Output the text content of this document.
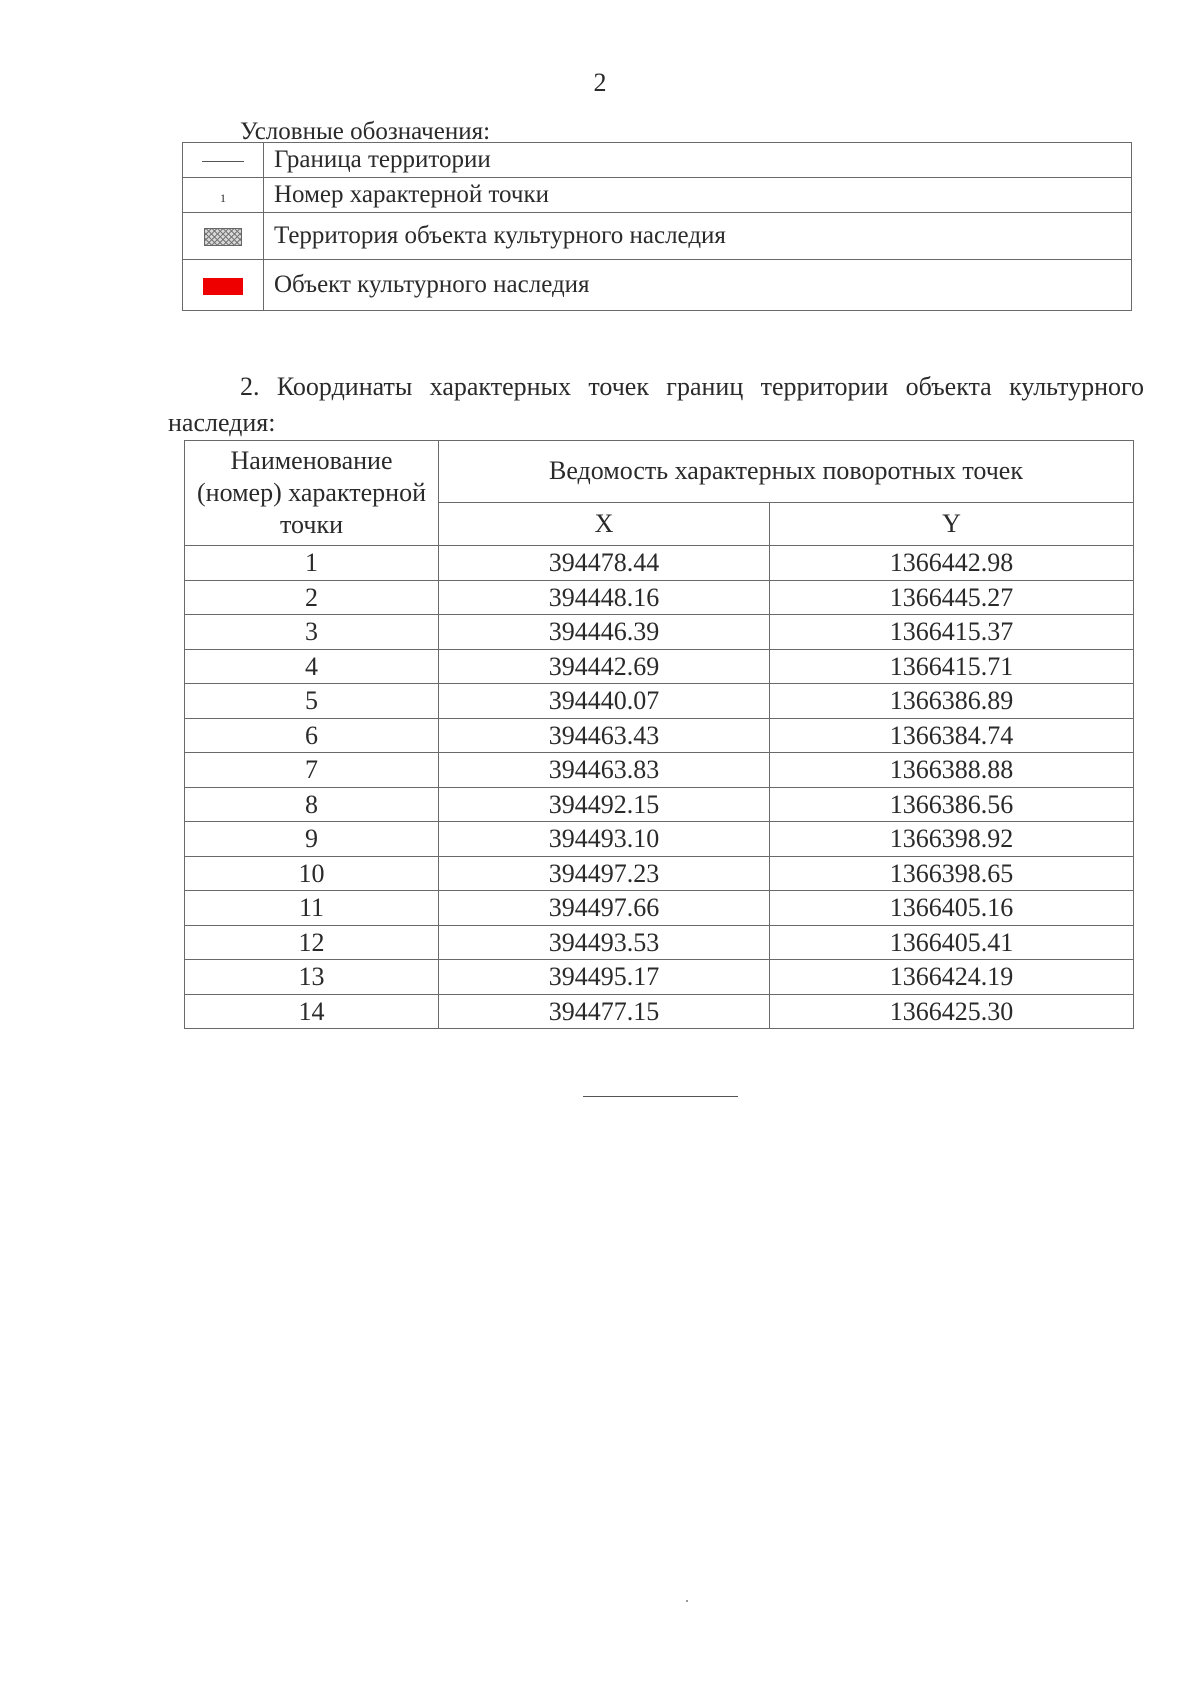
2
Условные обозначения:
	Граница территории
1	Номер характерной точки
	Территория объекта культурного наследия
	Объект культурного наследия

2. Координаты характерных точек границ территории объекта культурного наследия:

Наименование (номер) характерной точки	Ведомость характерных поворотных точек	
	X	Y
1	394478.44	1366442.98
2	394448.16	1366445.27
3	394446.39	1366415.37
4	394442.69	1366415.71
5	394440.07	1366386.89
6	394463.43	1366384.74
7	394463.83	1366388.88
8	394492.15	1366386.56
9	394493.10	1366398.92
10	394497.23	1366398.65
11	394497.66	1366405.16
12	394493.53	1366405.41
13	394495.17	1366424.19
14	394477.15	1366425.30
